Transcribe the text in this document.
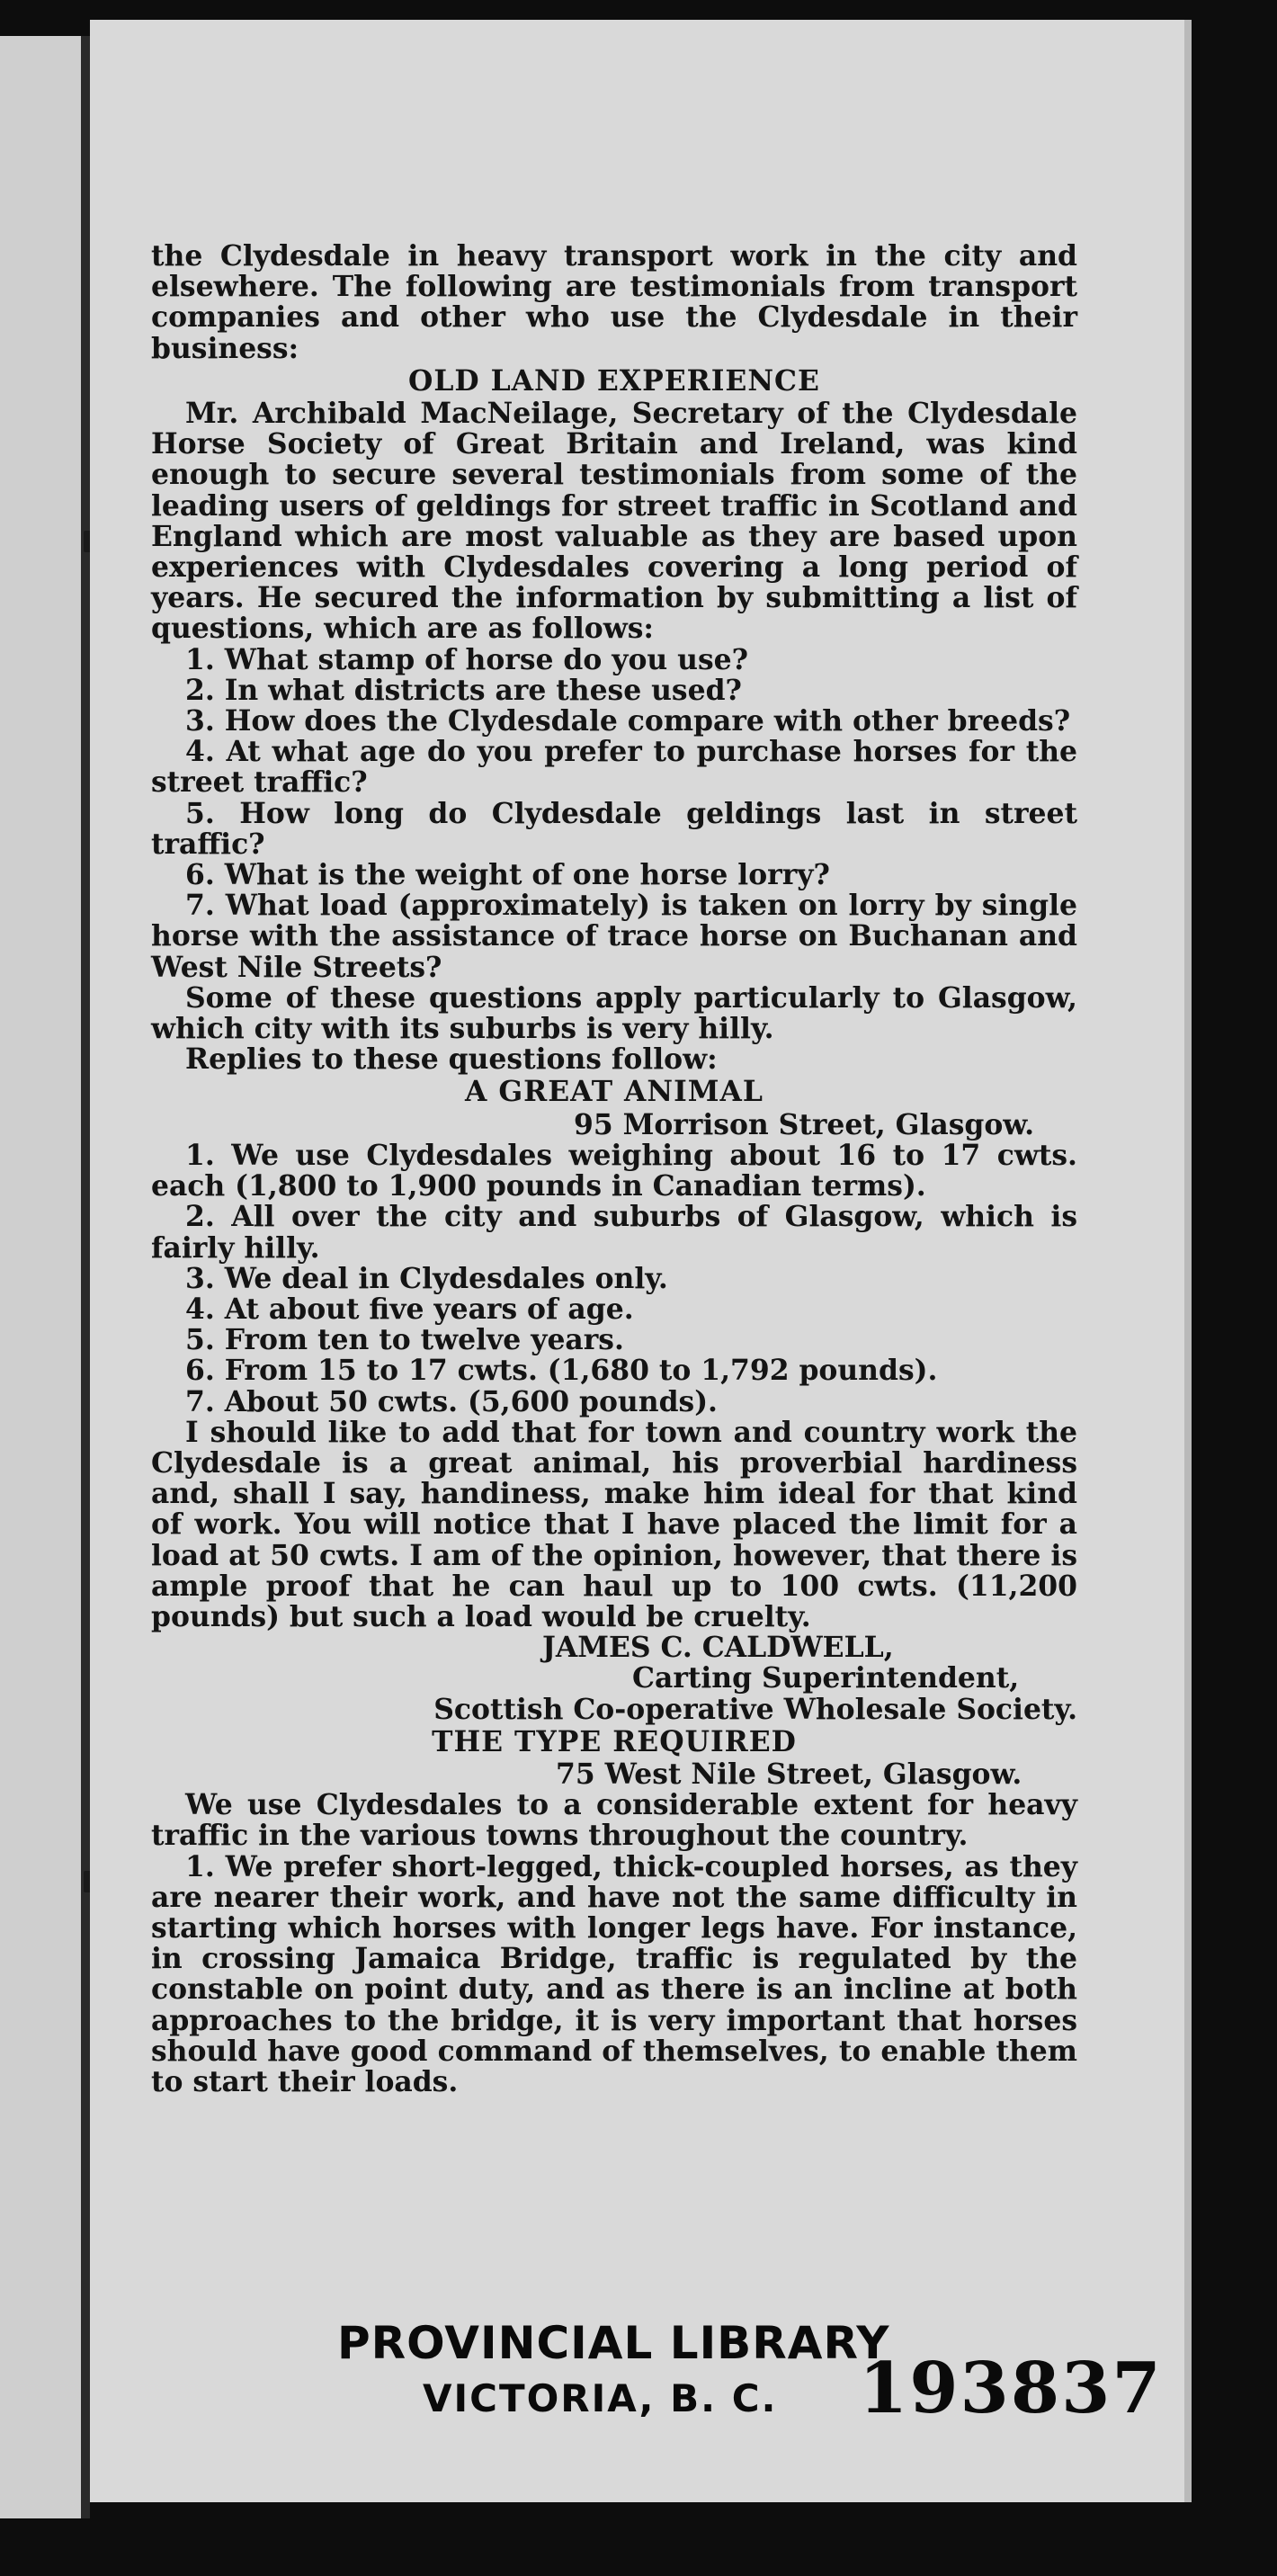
the Clydesdale in heavy transport work in the city and elsewhere. The following are testimonials from transport companies and other who use the Clydesdale in their business:

OLD LAND EXPERIENCE

Mr. Archibald MacNeilage, Secretary of the Clydesdale Horse Society of Great Britain and Ireland, was kind enough to secure several testimonials from some of the leading users of geldings for street traffic in Scotland and England which are most valuable as they are based upon experiences with Clydesdales covering a long period of years. He secured the information by submitting a list of questions, which are as follows:

1. What stamp of horse do you use?

2. In what districts are these used?

3. How does the Clydesdale compare with other breeds?

4. At what age do you prefer to purchase horses for the street traffic?

5. How long do Clydesdale geldings last in street traffic?

6. What is the weight of one horse lorry?

7. What load (approximately) is taken on lorry by single horse with the assistance of trace horse on Buchanan and West Nile Streets?

Some of these questions apply particularly to Glasgow, which city with its suburbs is very hilly.

Replies to these questions follow:

A GREAT ANIMAL

95 Morrison Street, Glasgow.

1. We use Clydesdales weighing about 16 to 17 cwts. each (1,800 to 1,900 pounds in Canadian terms).

2. All over the city and suburbs of Glasgow, which is fairly hilly.

3. We deal in Clydesdales only.

4. At about five years of age.

5. From ten to twelve years.

6. From 15 to 17 cwts. (1,680 to 1,792 pounds).

7. About 50 cwts. (5,600 pounds).

I should like to add that for town and country work the Clydesdale is a great animal, his proverbial hardiness and, shall I say, handiness, make him ideal for that kind of work. You will notice that I have placed the limit for a load at 50 cwts. I am of the opinion, however, that there is ample proof that he can haul up to 100 cwts. (11,200 pounds) but such a load would be cruelty.

JAMES C. CALDWELL,

Carting Superintendent,

Scottish Co-operative Wholesale Society.

THE TYPE REQUIRED

75 West Nile Street, Glasgow.

We use Clydesdales to a considerable extent for heavy traffic in the various towns throughout the country.

1. We prefer short-legged, thick-coupled horses, as they are nearer their work, and have not the same difficulty in starting which horses with longer legs have. For instance, in crossing Jamaica Bridge, traffic is regulated by the constable on point duty, and as there is an incline at both approaches to the bridge, it is very important that horses should have good command of themselves, to enable them to start their loads.

PROVINCIAL LIBRARY
VICTORIA, B. C. 193837
